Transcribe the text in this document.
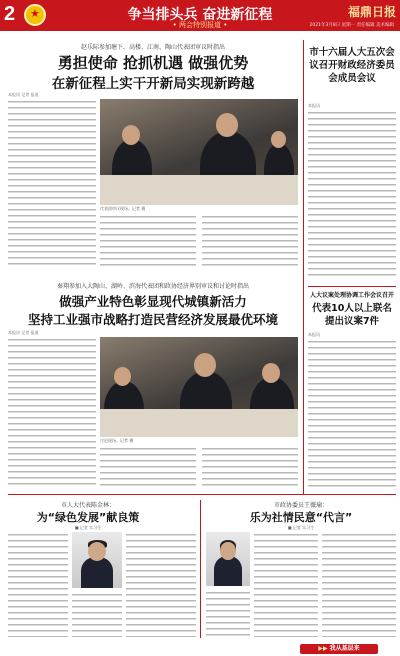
2
★	争当排头兵 奋进新征程
• 两会特别报道 •
福鼎日报
2021年3月8日 星期一 责任编辑 美术编辑
赵乐际参加塘下、高楼、江南、陶山代表团审议时指出
勇担使命 抢抓机遇 做强优势
在新征程上实干开新局实现新跨越
本报讯 记者 报道
代表团审议现场。记者 摄
秦翔参加入大陶山、湖岭、滨海代表团和政协经济界别审议和讨论时指出
做强产业特色彰显现代城镇新活力
坚持工业强市战略打造民营经济发展最优环境
本报讯 记者 报道
讨论现场。记者 摄
市十六届人大五次会议召开财政经济委员会成员会议
本报讯
人大议案处理协调工作会议召开
代表10人以上联名提出议案7件
本报讯
市人大代表陈金林：
为“绿色发展”献良策
■ 记者 实习生
市政协委员王薇瑜：
乐为社情民意“代言”
■ 记者 实习生
▶▶ 我从基层来
